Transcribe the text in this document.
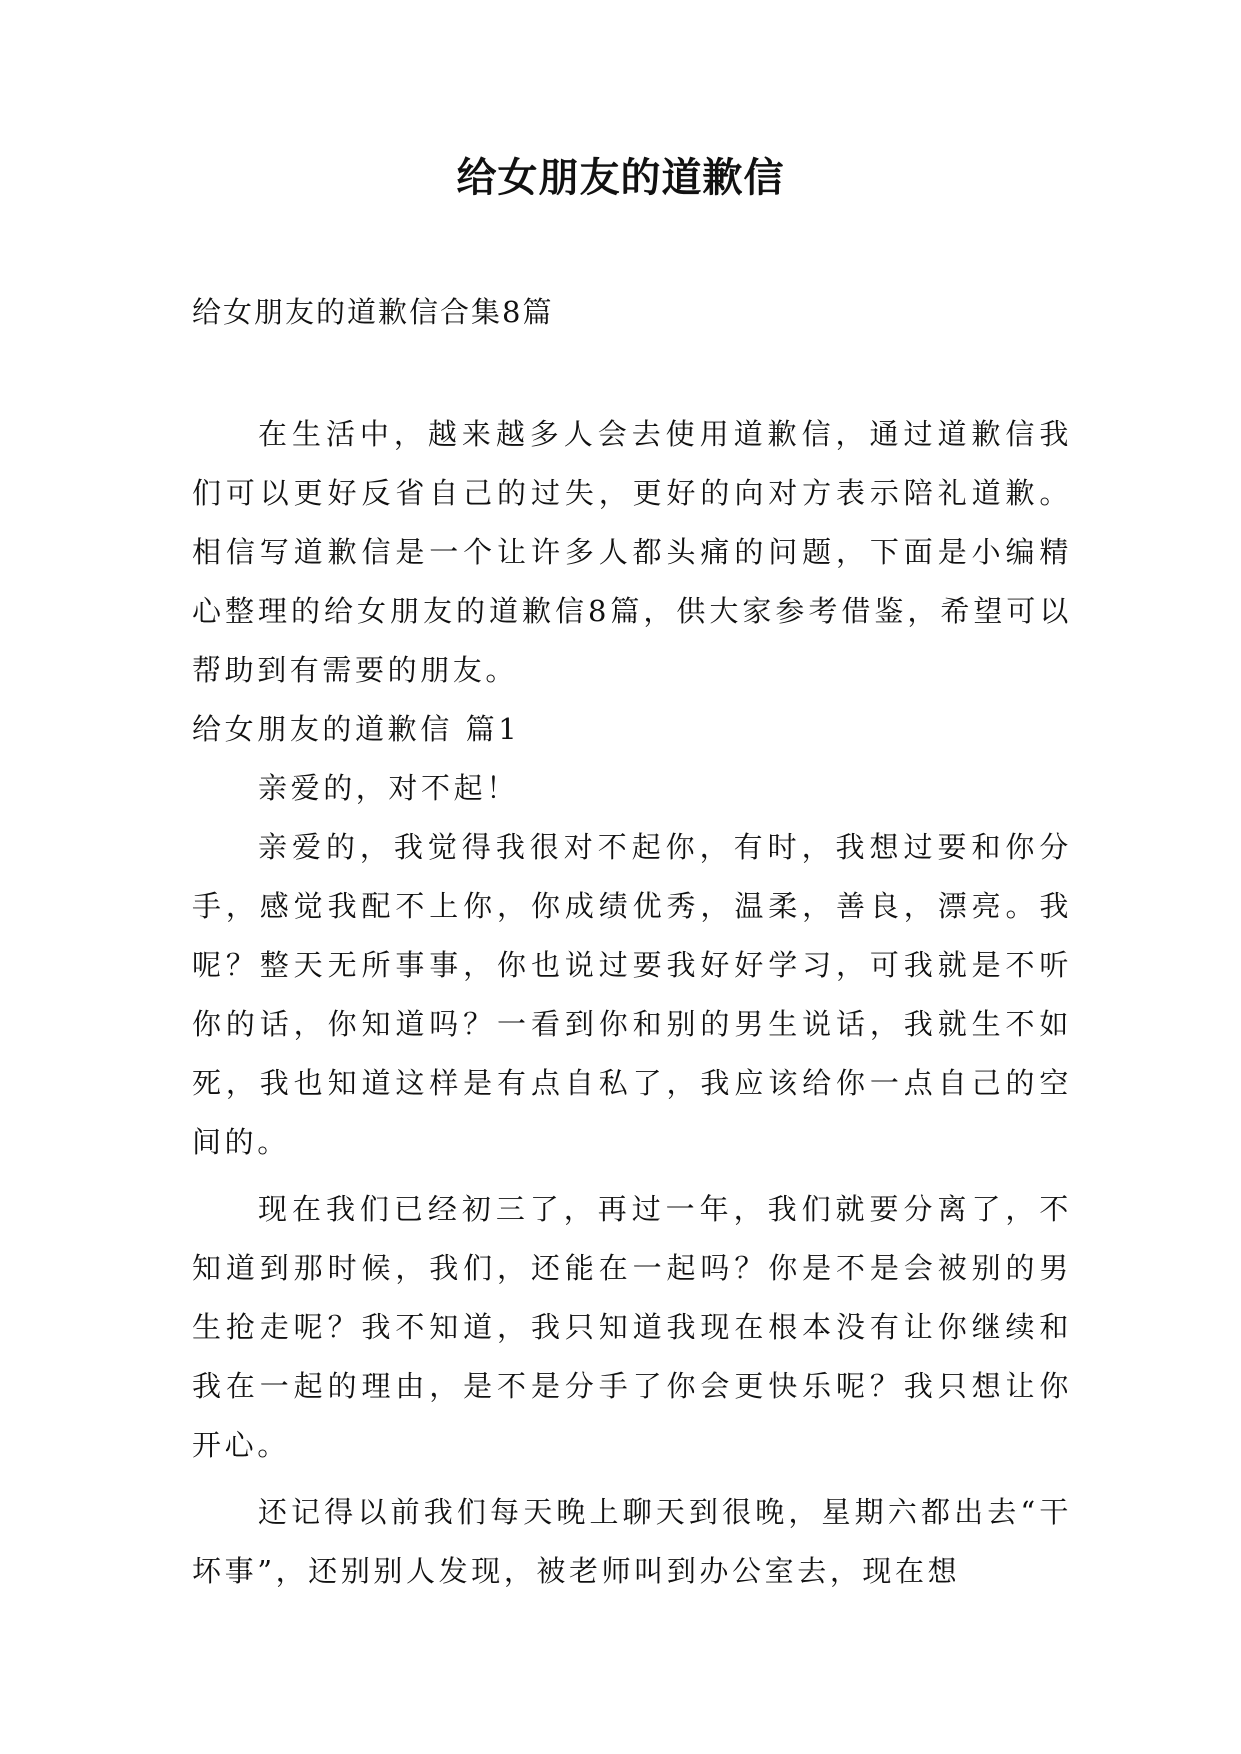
给女朋友的道歉信

给女朋友的道歉信合集8篇

在生活中，越来越多人会去使用道歉信，通过道歉信我们可以更好反省自己的过失，更好的向对方表示陪礼道歉。相信写道歉信是一个让许多人都头痛的问题，下面是小编精心整理的给女朋友的道歉信8篇，供大家参考借鉴，希望可以帮助到有需要的朋友。

给女朋友的道歉信 篇1

亲爱的，对不起！

亲爱的，我觉得我很对不起你，有时，我想过要和你分手，感觉我配不上你，你成绩优秀，温柔，善良，漂亮。我呢？整天无所事事，你也说过要我好好学习，可我就是不听你的话，你知道吗？一看到你和别的男生说话，我就生不如死，我也知道这样是有点自私了，我应该给你一点自己的空间的。

现在我们已经初三了，再过一年，我们就要分离了，不知道到那时候，我们，还能在一起吗？你是不是会被别的男生抢走呢？我不知道，我只知道我现在根本没有让你继续和我在一起的理由，是不是分手了你会更快乐呢？我只想让你开心。

还记得以前我们每天晚上聊天到很晚，星期六都出去“干坏事”，还别别人发现，被老师叫到办公室去，现在想
